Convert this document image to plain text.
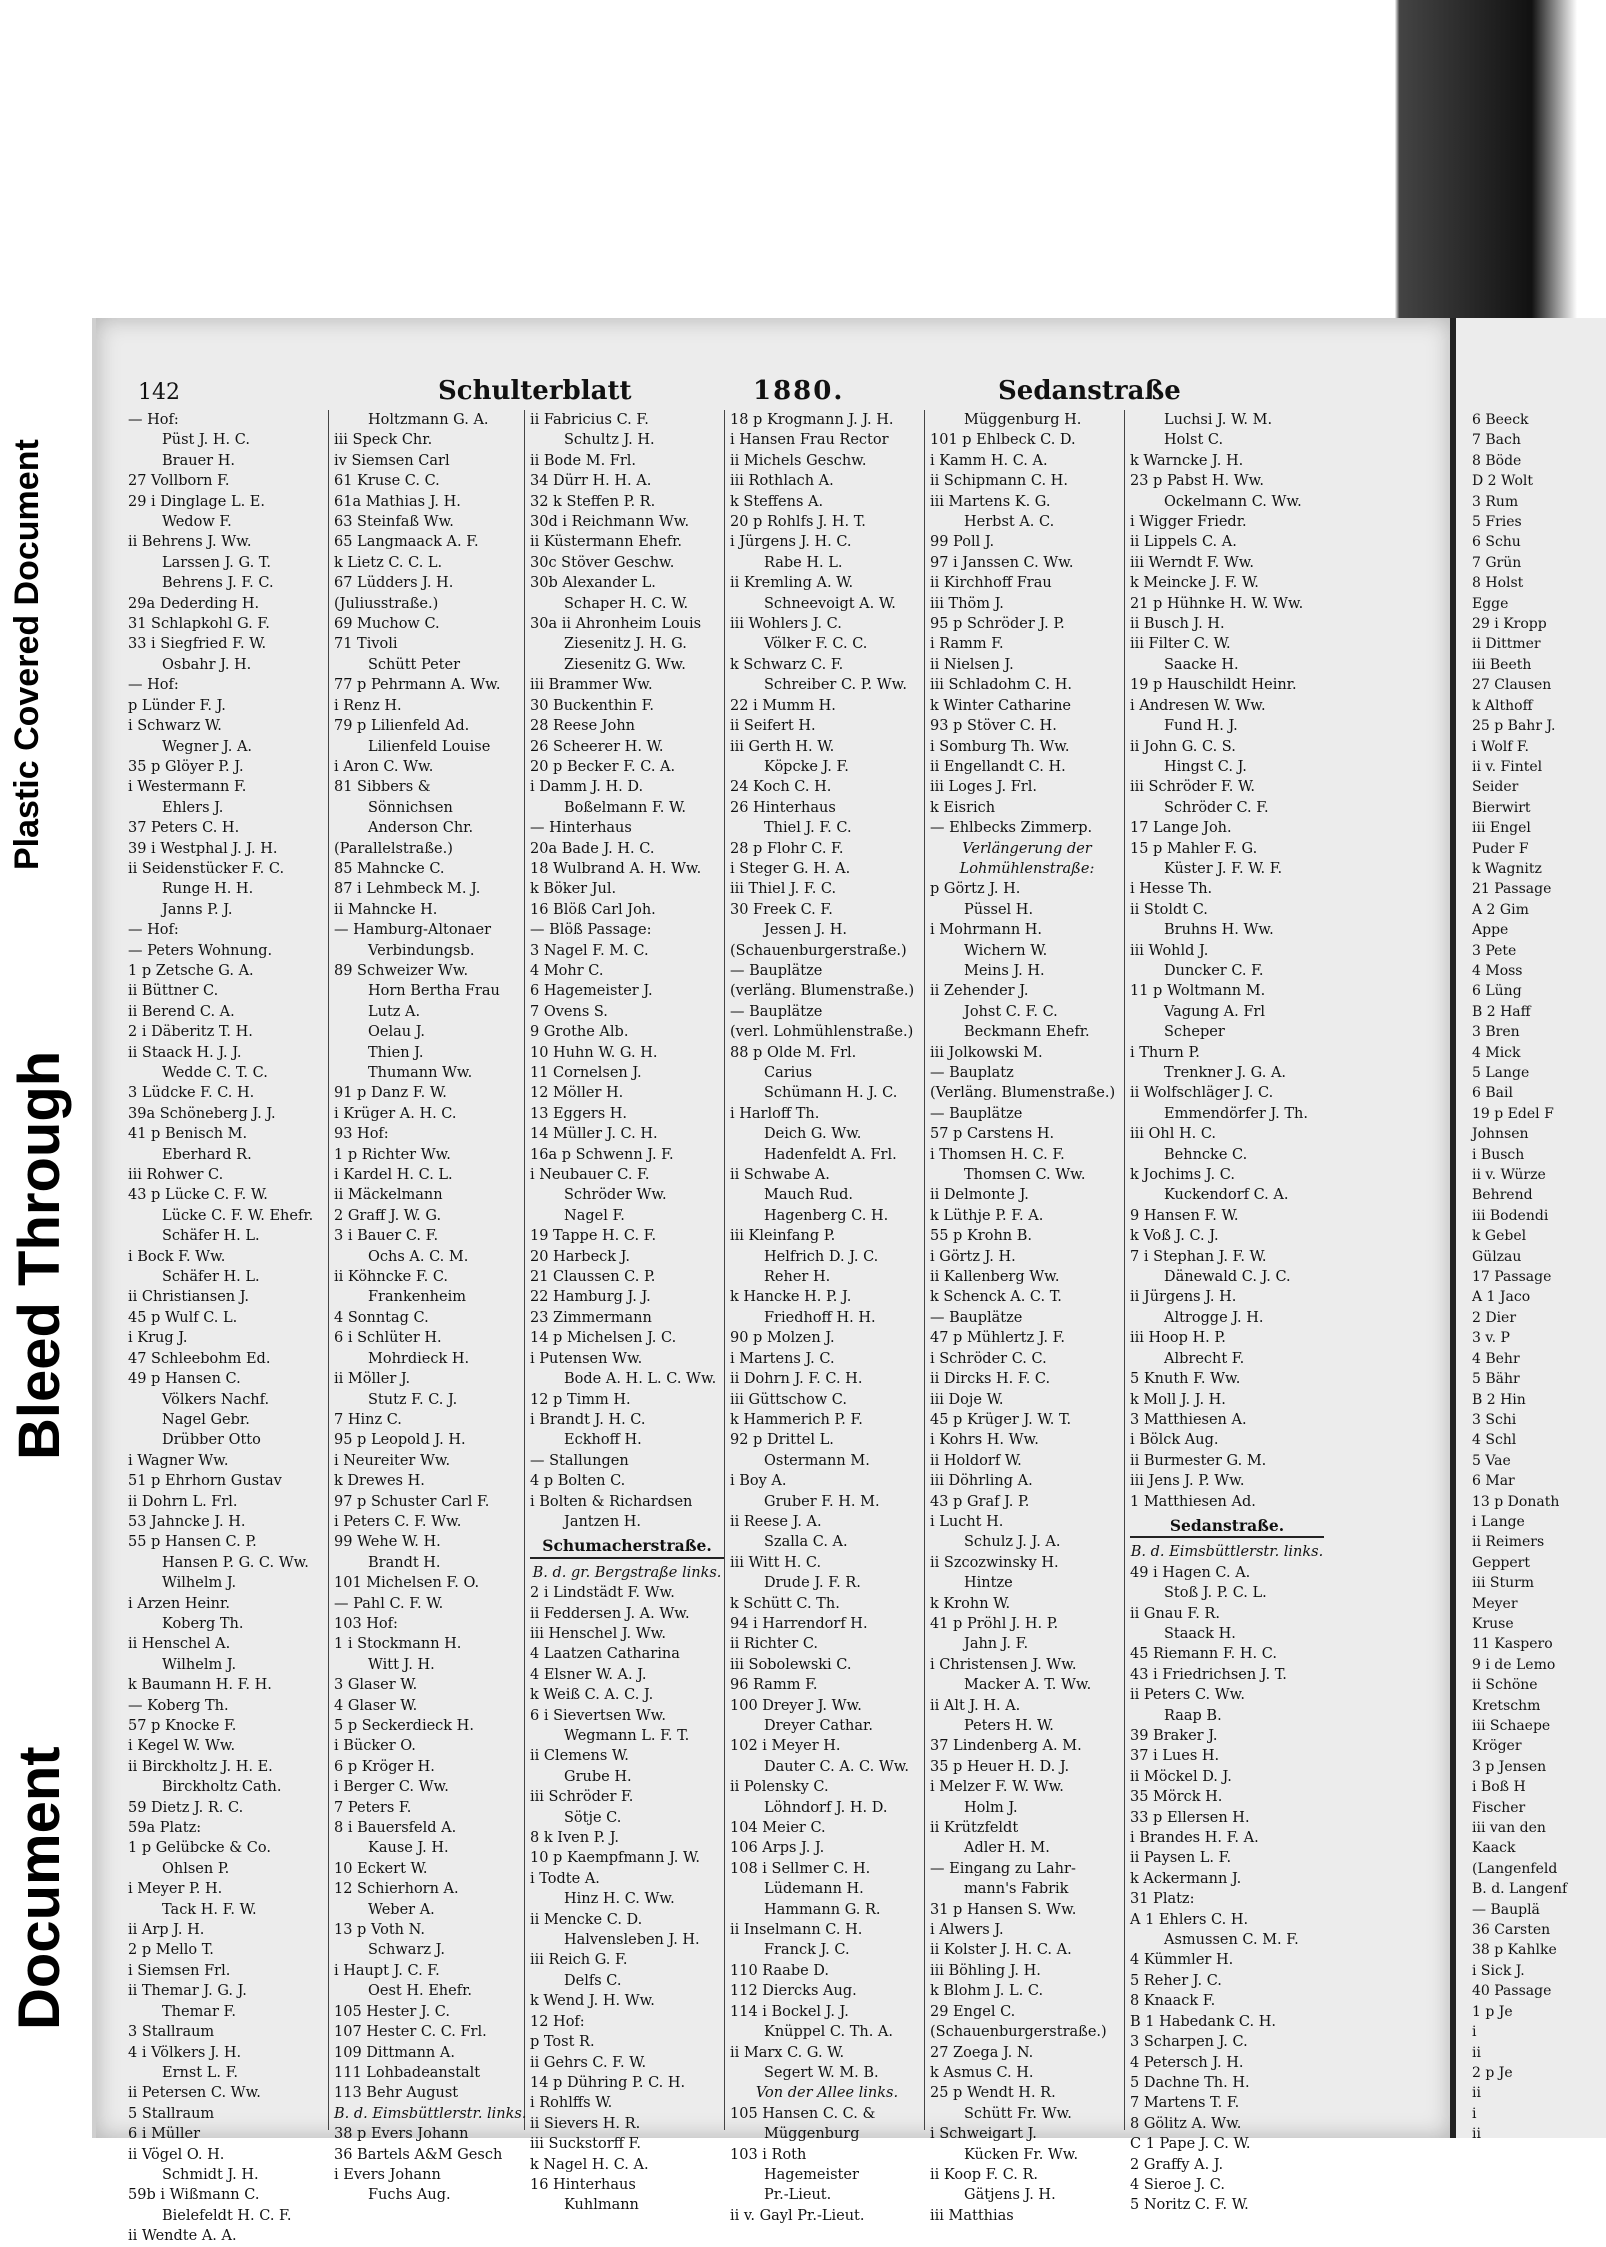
Plastic Covered Document
Bleed Through
Document
6 Beeck
7 Bach
8 Böde
D 2 Wolt
3 Rum
5 Fries
6 Schu
7 Grün
8 Holst
Egge
29 i Kropp
ii Dittmer
iii Beeth
27 Clausen
k Althoff
25 p Bahr J.
i Wolf F.
ii v. Fintel
Seider
Bierwirt
iii Engel
Puder F
k Wagnitz
21 Passage
A 2 Gim
Appe
3 Pete
4 Moss
6 Lüng
B 2 Haff
3 Bren
4 Mick
5 Lange
6 Bail
19 p Edel F
Johnsen
i Busch
ii v. Würze
Behrend
iii Bodendi
k Gebel
Gülzau
17 Passage
A 1 Jaco
2 Dier
3 v. P
4 Behr
5 Bähr
B 2 Hin
3 Schi
4 Schl
5 Vae
6 Mar
13 p Donath
i Lange
ii Reimers
Geppert
iii Sturm
Meyer
Kruse
11 Kaspero
9 i de Lemo
ii Schöne
Kretschm
iii Schaepe
Kröger
3 p Jensen
i Boß H
Fischer
iii van den
Kaack
(Langenfeld
B. d. Langenf
— Bauplä
36 Carsten
38 p Kahlke
i Sick J.
40 Passage
1 p Je
i
ii
2 p Je
ii
i
ii
142	Schulterblatt	1880.	Sedanstraße
— Hof:
Püst J. H. C.
Brauer H.
27 Vollborn F.
29 i Dinglage L. E.
Wedow F.
ii Behrens J. Ww.
Larssen J. G. T.
Behrens J. F. C.
29a Dederding H.
31 Schlapkohl G. F.
33 i Siegfried F. W.
Osbahr J. H.
— Hof:
p Lünder F. J.
i Schwarz W.
Wegner J. A.
35 p Glöyer P. J.
i Westermann F.
Ehlers J.
37 Peters C. H.
39 i Westphal J. J. H.
ii Seidenstücker F. C.
Runge H. H.
Janns P. J.
— Hof:
— Peters Wohnung.
1 p Zetsche G. A.
ii Büttner C.
ii Berend C. A.
2 i Däberitz T. H.
ii Staack H. J. J.
Wedde C. T. C.
3 Lüdcke F. C. H.
39a Schöneberg J. J.
41 p Benisch M.
Eberhard R.
iii Rohwer C.
43 p Lücke C. F. W.
Lücke C. F. W. Ehefr.
Schäfer H. L.
i Bock F. Ww.
Schäfer H. L.
ii Christiansen J.
45 p Wulf C. L.
i Krug J.
47 Schleebohm Ed.
49 p Hansen C.
Völkers Nachf.
Nagel Gebr.
Drübber Otto
i Wagner Ww.
51 p Ehrhorn Gustav
ii Dohrn L. Frl.
53 Jahncke J. H.
55 p Hansen C. P.
Hansen P. G. C. Ww.
Wilhelm J.
i Arzen Heinr.
Koberg Th.
ii Henschel A.
Wilhelm J.
k Baumann H. F. H.
— Koberg Th.
57 p Knocke F.
i Kegel W. Ww.
ii Birckholtz J. H. E.
Birckholtz Cath.
59 Dietz J. R. C.
59a Platz:
1 p Gelübcke & Co.
Ohlsen P.
i Meyer P. H.
Tack H. F. W.
ii Arp J. H.
2 p Mello T.
i Siemsen Frl.
ii Themar J. G. J.
Themar F.
3 Stallraum
4 i Völkers J. H.
Ernst L. F.
ii Petersen C. Ww.
5 Stallraum
6 i Müller
ii Vögel O. H.
Schmidt J. H.
59b i Wißmann C.
Bielefeldt H. C. F.
ii Wendte A. A.
Holtzmann G. A.
iii Speck Chr.
iv Siemsen Carl
61 Kruse C. C.
61a Mathias J. H.
63 Steinfaß Ww.
65 Langmaack A. F.
k Lietz C. C. L.
67 Lüdders J. H.
(Juliusstraße.)
69 Muchow C.
71 Tivoli
Schütt Peter
77 p Pehrmann A. Ww.
i Renz H.
79 p Lilienfeld Ad.
Lilienfeld Louise
i Aron C. Ww.
81 Sibbers &
Sönnichsen
Anderson Chr.
(Parallelstraße.)
85 Mahncke C.
87 i Lehmbeck M. J.
ii Mahncke H.
— Hamburg-Altonaer
Verbindungsb.
89 Schweizer Ww.
Horn Bertha Frau
Lutz A.
Oelau J.
Thien J.
Thumann Ww.
91 p Danz F. W.
i Krüger A. H. C.
93 Hof:
1 p Richter Ww.
i Kardel H. C. L.
ii Mäckelmann
2 Graff J. W. G.
3 i Bauer C. F.
Ochs A. C. M.
ii Köhncke F. C.
Frankenheim
4 Sonntag C.
6 i Schlüter H.
Mohrdieck H.
ii Möller J.
Stutz F. C. J.
7 Hinz C.
95 p Leopold J. H.
i Neureiter Ww.
k Drewes H.
97 p Schuster Carl F.
i Peters C. F. Ww.
99 Wehe W. H.
Brandt H.
101 Michelsen F. O.
— Pahl C. F. W.
103 Hof:
1 i Stockmann H.
Witt J. H.
3 Glaser W.
4 Glaser W.
5 p Seckerdieck H.
i Bücker O.
6 p Kröger H.
i Berger C. Ww.
7 Peters F.
8 i Bauersfeld A.
Kause J. H.
10 Eckert W.
12 Schierhorn A.
Weber A.
13 p Voth N.
Schwarz J.
i Haupt J. C. F.
Oest H. Ehefr.
105 Hester J. C.
107 Hester C. C. Frl.
109 Dittmann A.
111 Lohbadeanstalt
113 Behr August
B. d. Eimsbüttlerstr. links.
38 p Evers Johann
36 Bartels A&M Gesch
i Evers Johann
Fuchs Aug.
ii Fabricius C. F.
Schultz J. H.
ii Bode M. Frl.
34 Dürr H. H. A.
32 k Steffen P. R.
30d i Reichmann Ww.
ii Küstermann Ehefr.
30c Stöver Geschw.
30b Alexander L.
Schaper H. C. W.
30a ii Ahronheim Louis
Ziesenitz J. H. G.
Ziesenitz G. Ww.
iii Brammer Ww.
30 Buckenthin F.
28 Reese John
26 Scheerer H. W.
20 p Becker F. C. A.
i Damm J. H. D.
Boßelmann F. W.
— Hinterhaus
20a Bade J. H. C.
18 Wulbrand A. H. Ww.
k Böker Jul.
16 Blöß Carl Joh.
— Blöß Passage:
3 Nagel F. M. C.
4 Mohr C.
6 Hagemeister J.
7 Ovens S.
9 Grothe Alb.
10 Huhn W. G. H.
11 Cornelsen J.
12 Möller H.
13 Eggers H.
14 Müller J. C. H.
16a p Schwenn J. F.
i Neubauer C. F.
Schröder Ww.
Nagel F.
19 Tappe H. C. F.
20 Harbeck J.
21 Claussen C. P.
22 Hamburg J. J.
23 Zimmermann
14 p Michelsen J. C.
i Putensen Ww.
Bode A. H. L. C. Ww.
12 p Timm H.
i Brandt J. H. C.
Eckhoff H.
— Stallungen
4 p Bolten C.
i Bolten & Richardsen
Jantzen H.
Schumacherstraße.
B. d. gr. Bergstraße links.
2 i Lindstädt F. Ww.
ii Feddersen J. A. Ww.
iii Henschel J. Ww.
4 Laatzen Catharina
4 Elsner W. A. J.
k Weiß C. A. C. J.
6 i Sievertsen Ww.
Wegmann L. F. T.
ii Clemens W.
Grube H.
iii Schröder F.
Sötje C.
8 k Iven P. J.
10 p Kaempfmann J. W.
i Todte A.
Hinz H. C. Ww.
ii Mencke C. D.
Halvensleben J. H.
iii Reich G. F.
Delfs C.
k Wend J. H. Ww.
12 Hof:
p Tost R.
ii Gehrs C. F. W.
14 p Dühring P. C. H.
i Rohlffs W.
ii Sievers H. R.
iii Suckstorff F.
k Nagel H. C. A.
16 Hinterhaus
Kuhlmann
18 p Krogmann J. J. H.
i Hansen Frau Rector
ii Michels Geschw.
iii Rothlach A.
k Steffens A.
20 p Rohlfs J. H. T.
i Jürgens J. H. C.
Rabe H. L.
ii Kremling A. W.
Schneevoigt A. W.
iii Wohlers J. C.
Völker F. C. C.
k Schwarz C. F.
Schreiber C. P. Ww.
22 i Mumm H.
ii Seifert H.
iii Gerth H. W.
Köpcke J. F.
24 Koch C. H.
26 Hinterhaus
Thiel J. F. C.
28 p Flohr C. F.
i Steger G. H. A.
iii Thiel J. F. C.
30 Freek C. F.
Jessen J. H.
(Schauenburgerstraße.)
— Bauplätze
(verläng. Blumenstraße.)
— Bauplätze
(verl. Lohmühlenstraße.)
88 p Olde M. Frl.
Carius
Schümann H. J. C.
i Harloff Th.
Deich G. Ww.
Hadenfeldt A. Frl.
ii Schwabe A.
Mauch Rud.
Hagenberg C. H.
iii Kleinfang P.
Helfrich D. J. C.
Reher H.
k Hancke H. P. J.
Friedhoff H. H.
90 p Molzen J.
i Martens J. C.
ii Dohrn J. F. C. H.
iii Güttschow C.
k Hammerich P. F.
92 p Drittel L.
Ostermann M.
i Boy A.
Gruber F. H. M.
ii Reese J. A.
Szalla C. A.
iii Witt H. C.
Drude J. F. R.
k Schütt C. Th.
94 i Harrendorf H.
ii Richter C.
iii Sobolewski C.
96 Ramm F.
100 Dreyer J. Ww.
Dreyer Cathar.
102 i Meyer H.
Dauter C. A. C. Ww.
ii Polensky C.
Löhndorf J. H. D.
104 Meier C.
106 Arps J. J.
108 i Sellmer C. H.
Lüdemann H.
Hammann G. R.
ii Inselmann C. H.
Franck J. C.
110 Raabe D.
112 Diercks Aug.
114 i Bockel J. J.
Knüppel C. Th. A.
ii Marx C. G. W.
Segert W. M. B.
Von der Allee links.
105 Hansen C. C. &
Müggenburg
103 i Roth
Hagemeister
Pr.-Lieut.
ii v. Gayl Pr.-Lieut.
Müggenburg H.
101 p Ehlbeck C. D.
i Kamm H. C. A.
ii Schipmann C. H.
iii Martens K. G.
Herbst A. C.
99 Poll J.
97 i Janssen C. Ww.
ii Kirchhoff Frau
iii Thöm J.
95 p Schröder J. P.
i Ramm F.
ii Nielsen J.
iii Schladohm C. H.
k Winter Catharine
93 p Stöver C. H.
i Somburg Th. Ww.
ii Engellandt C. H.
iii Loges J. Frl.
k Eisrich
— Ehlbecks Zimmerp.
Verlängerung der
Lohmühlenstraße:
p Görtz J. H.
Püssel H.
i Mohrmann H.
Wichern W.
Meins J. H.
ii Zehender J.
Johst C. F. C.
Beckmann Ehefr.
iii Jolkowski M.
— Bauplatz
(Verläng. Blumenstraße.)
— Bauplätze
57 p Carstens H.
i Thomsen H. C. F.
Thomsen C. Ww.
ii Delmonte J.
k Lüthje P. F. A.
55 p Krohn B.
i Görtz J. H.
ii Kallenberg Ww.
k Schenck A. C. T.
— Bauplätze
47 p Mühlertz J. F.
i Schröder C. C.
ii Dircks H. F. C.
iii Doje W.
45 p Krüger J. W. T.
i Kohrs H. Ww.
ii Holdorf W.
iii Döhrling A.
43 p Graf J. P.
i Lucht H.
Schulz J. J. A.
ii Szcozwinsky H.
Hintze
k Krohn W.
41 p Pröhl J. H. P.
Jahn J. F.
i Christensen J. Ww.
Macker A. T. Ww.
ii Alt J. H. A.
Peters H. W.
37 Lindenberg A. M.
35 p Heuer H. D. J.
i Melzer F. W. Ww.
Holm J.
ii Krützfeldt
Adler H. M.
— Eingang zu Lahr-
mann's Fabrik
31 p Hansen S. Ww.
i Alwers J.
ii Kolster J. H. C. A.
iii Böhling J. H.
k Blohm J. L. C.
29 Engel C.
(Schauenburgerstraße.)
27 Zoega J. N.
k Asmus C. H.
25 p Wendt H. R.
Schütt Fr. Ww.
i Schweigart J.
Kücken Fr. Ww.
ii Koop F. C. R.
Gätjens J. H.
iii Matthias
Luchsi J. W. M.
Holst C.
k Warncke J. H.
23 p Pabst H. Ww.
Ockelmann C. Ww.
i Wigger Friedr.
ii Lippels C. A.
iii Werndt F. Ww.
k Meincke J. F. W.
21 p Hühnke H. W. Ww.
ii Busch J. H.
iii Filter C. W.
Saacke H.
19 p Hauschildt Heinr.
i Andresen W. Ww.
Fund H. J.
ii John G. C. S.
Hingst C. J.
iii Schröder F. W.
Schröder C. F.
17 Lange Joh.
15 p Mahler F. G.
Küster J. F. W. F.
i Hesse Th.
ii Stoldt C.
Bruhns H. Ww.
iii Wohld J.
Duncker C. F.
11 p Woltmann M.
Vagung A. Frl
Scheper
i Thurn P.
Trenkner J. G. A.
ii Wolfschläger J. C.
Emmendörfer J. Th.
iii Ohl H. C.
Behncke C.
k Jochims J. C.
Kuckendorf C. A.
9 Hansen F. W.
k Voß J. C. J.
7 i Stephan J. F. W.
Dänewald C. J. C.
ii Jürgens J. H.
Altrogge J. H.
iii Hoop H. P.
Albrecht F.
5 Knuth F. Ww.
k Moll J. J. H.
3 Matthiesen A.
i Bölck Aug.
ii Burmester G. M.
iii Jens J. P. Ww.
1 Matthiesen Ad.
Sedanstraße.
B. d. Eimsbüttlerstr. links.
49 i Hagen C. A.
Stoß J. P. C. L.
ii Gnau F. R.
Staack H.
45 Riemann F. H. C.
43 i Friedrichsen J. T.
ii Peters C. Ww.
Raap B.
39 Braker J.
37 i Lues H.
ii Möckel D. J.
35 Mörck H.
33 p Ellersen H.
i Brandes H. F. A.
ii Paysen L. F.
k Ackermann J.
31 Platz:
A 1 Ehlers C. H.
Asmussen C. M. F.
4 Kümmler H.
5 Reher J. C.
8 Knaack F.
B 1 Habedank C. H.
3 Scharpen J. C.
4 Petersch J. H.
5 Dachne Th. H.
7 Martens T. F.
8 Gölitz A. Ww.
C 1 Pape J. C. W.
2 Graffy A. J.
4 Sieroe J. C.
5 Noritz C. F. W.
